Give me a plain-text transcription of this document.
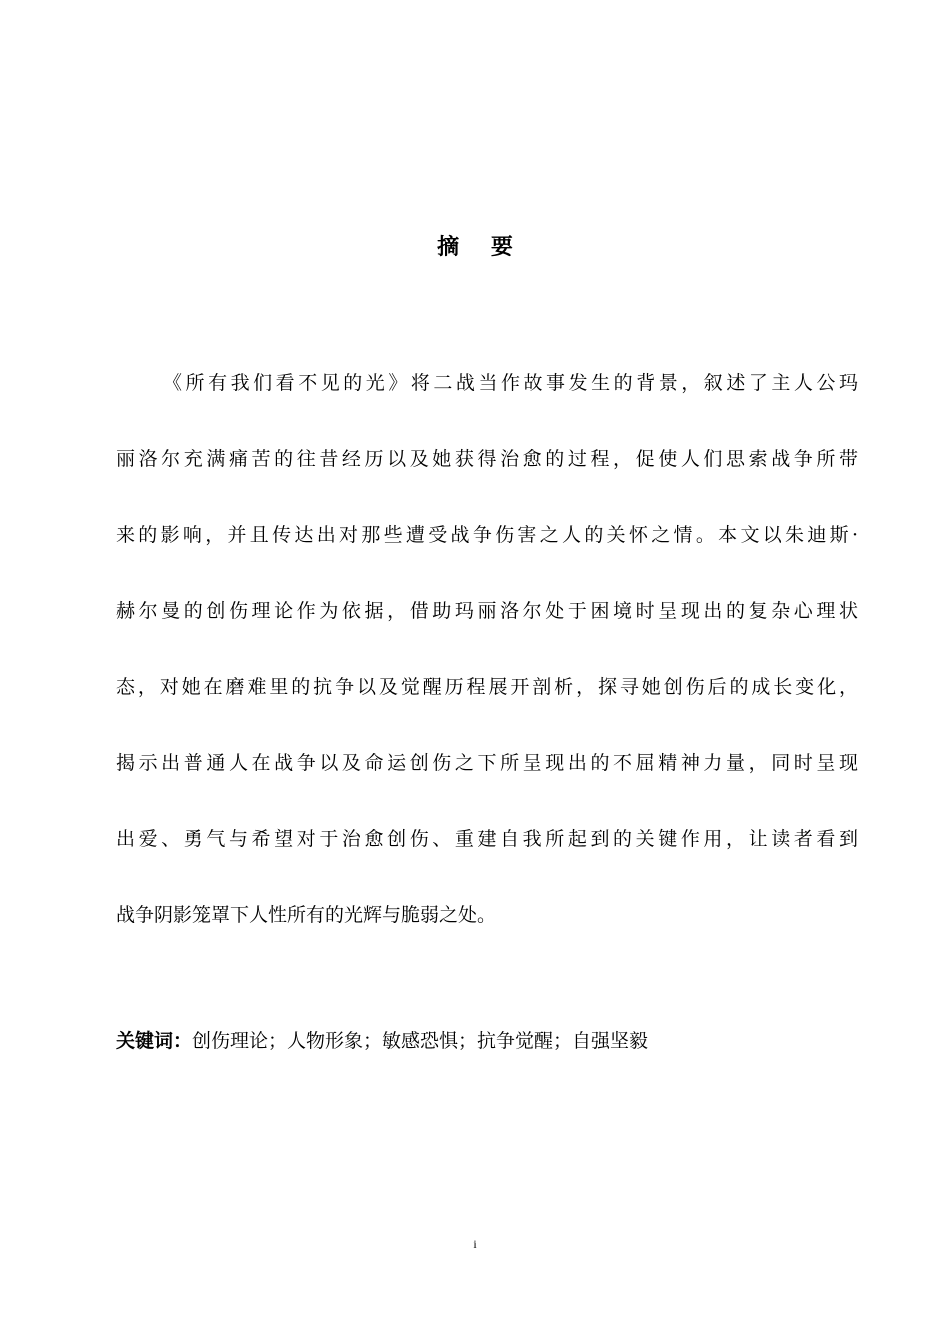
摘 要
《所有我们看不见的光》将二战当作故事发生的背景，叙述了主人公玛
丽洛尔充满痛苦的往昔经历以及她获得治愈的过程，促使人们思索战争所带
来的影响，并且传达出对那些遭受战争伤害之人的关怀之情。本文以朱迪斯·
赫尔曼的创伤理论作为依据，借助玛丽洛尔处于困境时呈现出的复杂心理状
态，对她在磨难里的抗争以及觉醒历程展开剖析，探寻她创伤后的成长变化，
揭示出普通人在战争以及命运创伤之下所呈现出的不屈精神力量，同时呈现
出爱、勇气与希望对于治愈创伤、重建自我所起到的关键作用，让读者看到
战争阴影笼罩下人性所有的光辉与脆弱之处。
关键词：创伤理论；人物形象；敏感恐惧；抗争觉醒；自强坚毅
i
